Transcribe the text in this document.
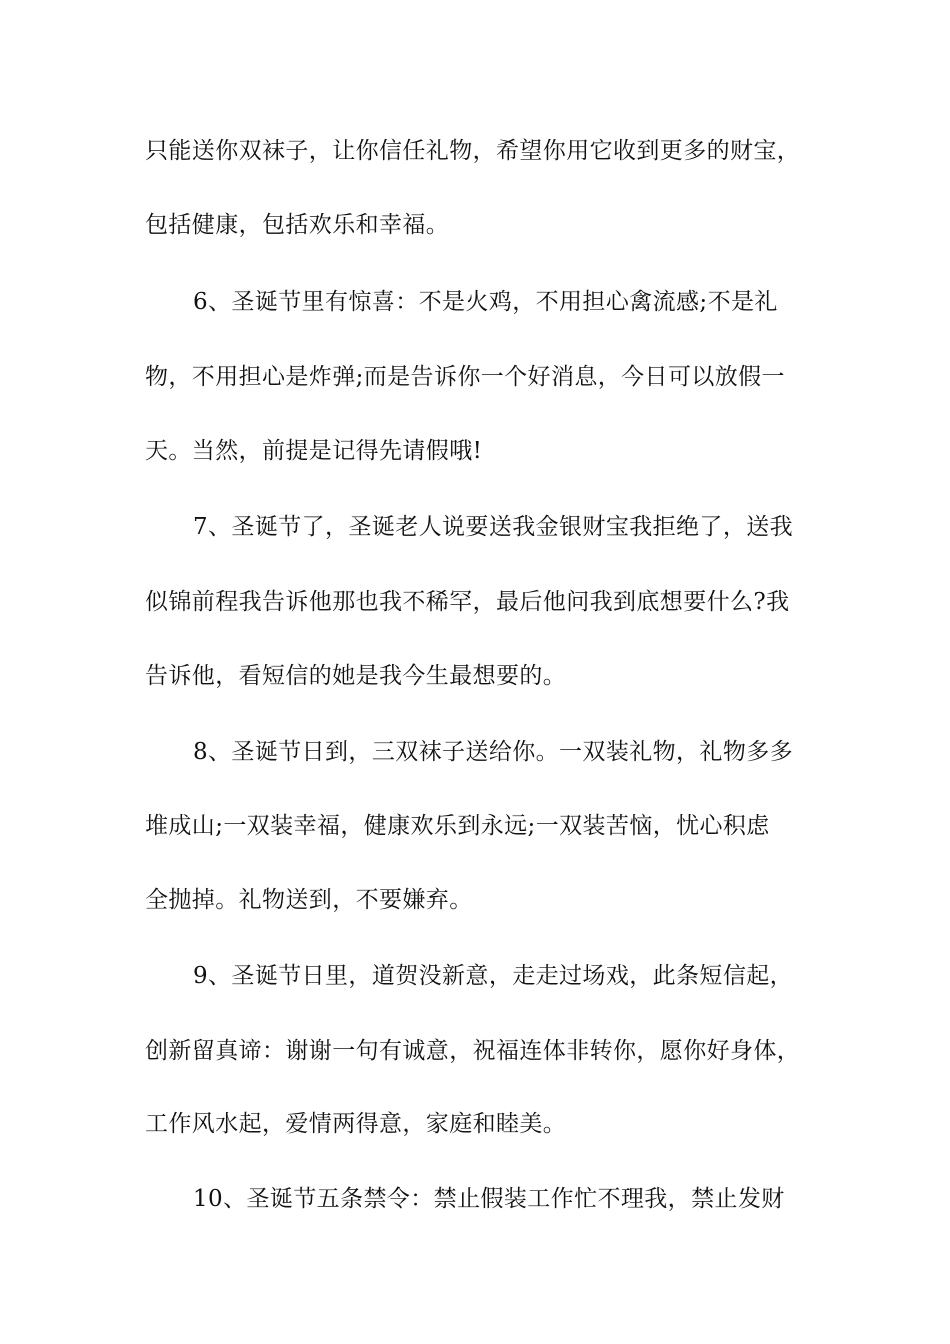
只能送你双袜子，让你信任礼物，希望你用它收到更多的财宝，
包括健康，包括欢乐和幸福。
6、圣诞节里有惊喜：不是火鸡，不用担心禽流感;不是礼
物，不用担心是炸弹;而是告诉你一个好消息，今日可以放假一
天。当然，前提是记得先请假哦!
7、圣诞节了，圣诞老人说要送我金银财宝我拒绝了，送我
似锦前程我告诉他那也我不稀罕，最后他问我到底想要什么?我
告诉他，看短信的她是我今生最想要的。
8、圣诞节日到，三双袜子送给你。一双装礼物，礼物多多
堆成山;一双装幸福，健康欢乐到永远;一双装苦恼，忧心积虑
全抛掉。礼物送到，不要嫌弃。
9、圣诞节日里，道贺没新意，走走过场戏，此条短信起，
创新留真谛：谢谢一句有诚意，祝福连体非转你，愿你好身体，
工作风水起，爱情两得意，家庭和睦美。
10、圣诞节五条禁令：禁止假装工作忙不理我，禁止发财
